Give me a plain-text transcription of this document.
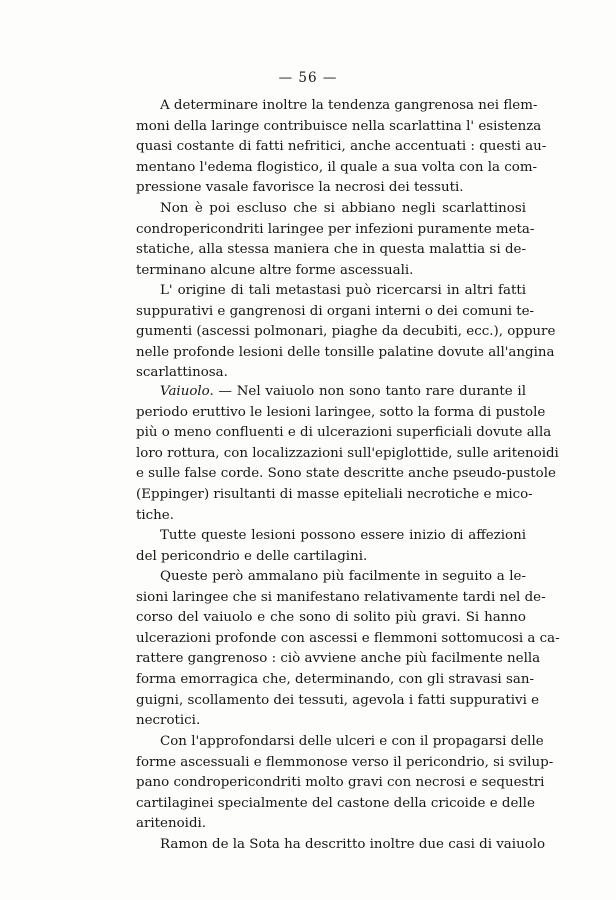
— 56 —
A determinare inoltre la tendenza gangrenosa nei flem-
moni della laringe contribuisce nella scarlattina l' esistenza
quasi costante di fatti nefritici, anche accentuati : questi au-
mentano l'edema flogistico, il quale a sua volta con la com-
pressione vasale favorisce la necrosi dei tessuti.
Non è poi escluso che si abbiano negli scarlattinosi
condropericondriti laringee per infezioni puramente meta-
statiche, alla stessa maniera che in questa malattia si de-
terminano alcune altre forme ascessuali.
L' origine di tali metastasi può ricercarsi in altri fatti
suppurativi e gangrenosi di organi interni o dei comuni te-
gumenti (ascessi polmonari, piaghe da decubiti, ecc.), oppure
nelle profonde lesioni delle tonsille palatine dovute all'angina
scarlattinosa.
Vaiuolo. — Nel vaiuolo non sono tanto rare durante il
periodo eruttivo le lesioni laringee, sotto la forma di pustole
più o meno confluenti e di ulcerazioni superficiali dovute alla
loro rottura, con localizzazioni sull'epiglottide, sulle aritenoidi
e sulle false corde. Sono state descritte anche pseudo-pustole
(Eppinger) risultanti di masse epiteliali necrotiche e mico-
tiche.
Tutte queste lesioni possono essere inizio di affezioni
del pericondrio e delle cartilagini.
Queste però ammalano più facilmente in seguito a le-
sioni laringee che si manifestano relativamente tardi nel de-
corso del vaiuolo e che sono di solito più gravi. Si hanno
ulcerazioni profonde con ascessi e flemmoni sottomucosi a ca-
rattere gangrenoso : ciò avviene anche più facilmente nella
forma emorragica che, determinando, con gli stravasi san-
guigni, scollamento dei tessuti, agevola i fatti suppurativi e
necrotici.
Con l'approfondarsi delle ulceri e con il propagarsi delle
forme ascessuali e flemmonose verso il pericondrio, si svilup-
pano condropericondriti molto gravi con necrosi e sequestri
cartilaginei specialmente del castone della cricoide e delle
aritenoidi.
Ramon de la Sota ha descritto inoltre due casi di vaiuolo
